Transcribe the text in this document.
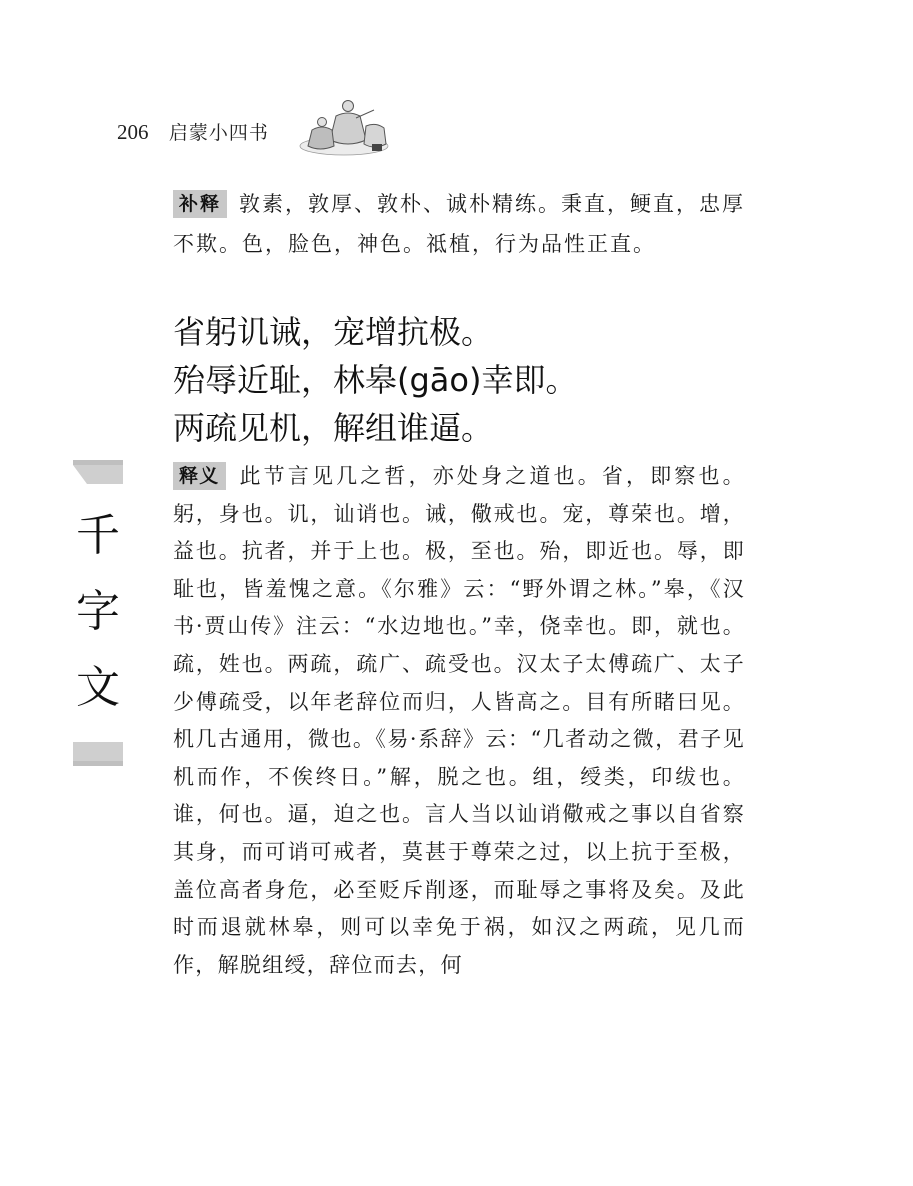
206 启蒙小四书
补释 敦素，敦厚、敦朴、诚朴精练。秉直，鲠直，忠厚不欺。色，脸色，神色。祗植，行为品性正直。
省躬讥诫，宠增抗极。
殆辱近耻，林皋(gāo)幸即。
两疏见机，解组谁逼。
千
字
文
释义 此节言见几之哲，亦处身之道也。省，即察也。躬，身也。讥，讪诮也。诫，儆戒也。宠，尊荣也。增，益也。抗者，并于上也。极，至也。殆，即近也。辱，即耻也，皆羞愧之意。《尔雅》云：“野外谓之林。”皋，《汉书·贾山传》注云：“水边地也。”幸，侥幸也。即，就也。疏，姓也。两疏，疏广、疏受也。汉太子太傅疏广、太子少傅疏受，以年老辞位而归，人皆高之。目有所睹曰见。机几古通用，微也。《易·系辞》云：“几者动之微，君子见机而作，不俟终日。”解，脱之也。组，绶类，印绂也。谁，何也。逼，迫之也。言人当以讪诮儆戒之事以自省察其身，而可诮可戒者，莫甚于尊荣之过，以上抗于至极，盖位高者身危，必至贬斥削逐，而耻辱之事将及矣。及此时而退就林皋，则可以幸免于祸，如汉之两疏，见几而作，解脱组绶，辞位而去，何
